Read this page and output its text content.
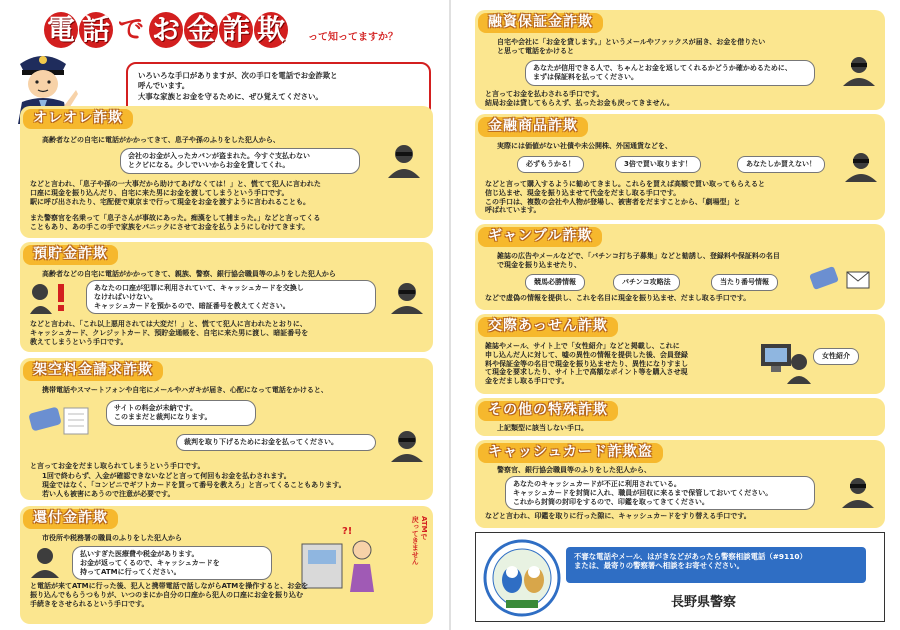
電 話 で お 金 詐 欺	って知ってますか？

いろいろな手口がありますが、次の手口を電話でお金詐欺と

呼んでいます。

大事な家族とお金を守るために、ぜひ覚えてください。

オレオレ詐欺
高齢者などの自宅に電話がかかってきて、息子や孫のふりをした犯人から、
会社のお金が入ったカバンが盗まれた。今すぐ支払わない
とクビになる。少しでいいからお金を貸してくれ。
などと言われ、「息子や孫の一大事だから助けてあげなくては！」と、慌てて犯人に言われた
口座に現金を振り込んだり、自宅に来た男にお金を渡してしまうという手口です。
駅に呼び出されたり、宅配便で東京まで行って現金をお金を渡すように言われることも。
また警察官を名乗って「息子さんが事故にあった。痴漢をして捕まった。」などと言ってくる
こともあり、あの手この手で家族をパニックにさせてお金を払うようにしむけてきます。
預貯金詐欺
高齢者などの自宅に電話がかかってきて、親族、警察、銀行協会職員等のふりをした犯人から
あなたの口座が犯罪に利用されていて、キャッシュカードを交換し
なければいけない。
キャッシュカードを預かるので、暗証番号を教えてください。
などと言われ、「これ以上悪用されては大変だ！」と、慌てて犯人に言われたとおりに、
キャッシュカード、クレジットカード、預貯金通帳を、自宅に来た男に渡し、暗証番号を
教えてしまうという手口です。
架空料金請求詐欺
携帯電話やスマートフォンや自宅にメールやハガキが届き、心配になって電話をかけると、
サイトの料金が未納です。
このままだと裁判になります。
裁判を取り下げるためにお金を払ってください。
と言ってお金をだまし取られてしまうという手口です。
1回で終わらず、入金が確認できないなどと言って何回もお金を払わされます。
現金ではなく、「コンビニでギフトカードを買って番号を教えろ」と言ってくることもあります。
若い人も被害にあうので注意が必要です。
還付金詐欺
市役所や税務署の職員のふりをした犯人から
払いすぎた医療費や税金があります。
お金が返ってくるので、キャッシュカードを
持ってATMに行ってください。
?!	ATMで
戻ってきません
と電話が来てATMに行った後、犯人と携帯電話で話しながらATMを操作すると、お金を
振り込んでもらうつもりが、いつのまにか自分の口座から犯人の口座にお金を振り込む
手続きをさせられるという手口です。
融資保証金詐欺
自宅や会社に「お金を貸します。」というメールやファックスが届き、お金を借りたい
と思って電話をかけると
あなたが信用できる人で、ちゃんとお金を返してくれるかどうか確かめるために、
まずは保証料を払ってください。
と言ってお金を払わされる手口です。
結局お金は貸してもらえず、払ったお金も戻ってきません。
金融商品詐欺
実際には価値がない社債や未公開株、外国通貨などを、
必ずもうかる！	3倍で買い取ります！	あなたしか買えない！
などと言って購入するように勧めてきまし。これらを買えば高額で買い取ってもらえると
信じ込ませ、現金を振り込ませて代金をだまし取る手口です。
この手口は、複数の会社や人物が登場し、被害者をだますことから、「劇場型」と
呼ばれています。
ギャンブル詐欺
雑誌の広告やメールなどで、「パチンコ打ち子募集」などと勧誘し、登録料や保証料の名目
で現金を振り込ませたり、
競馬必勝情報	パチンコ攻略法	当たり番号情報
などで虚偽の情報を提供し、これを名目に現金を振り込ませ、だまし取る手口です。
交際あっせん詐欺
雑誌やメール、サイト上で「女性紹介」などと掲載し、これに
申し込んだ人に対して、嘘の異性の情報を提供した後、会員登録
料や保証金等の名目で現金を振り込ませたり、異性になりすまし
て現金を要求したり、サイト上で高額なポイント等を購入させ現
金をだまし取る手口です。
女性紹介
その他の特殊詐欺
上記類型に該当しない手口。
キャッシュカード詐欺盗
警察官、銀行協会職員等のふりをした犯人から、
あなたのキャッシュカードが不正に利用されている。
キャッシュカードを封筒に入れ、職員が回収に来るまで保管しておいてください。
これから封筒の封印をするので、印鑑を取ってきてください。
などと言われ、印鑑を取りに行った隙に、キャッシュカードをすり替える手口です。
不審な電話やメール、はがきなどがあったら警察相談電話（#9110）
または、最寄りの警察署へ相談をお寄せください。
長野県警察
